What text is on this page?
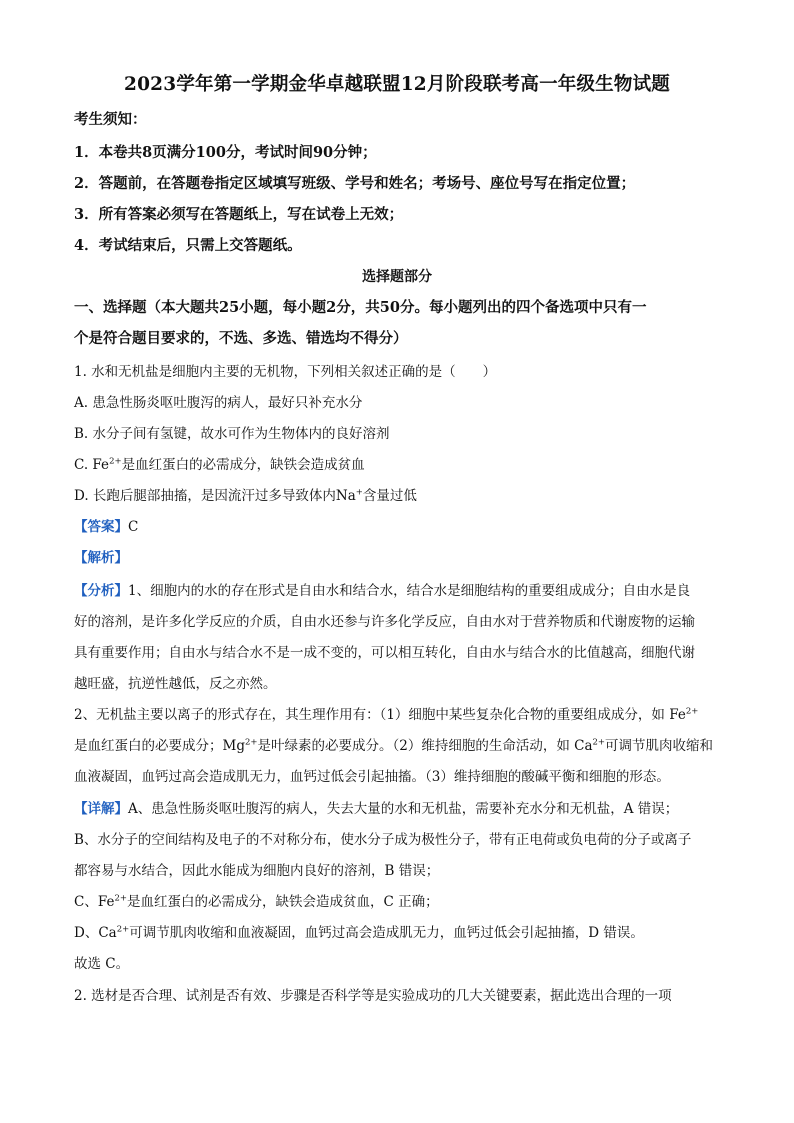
2023学年第一学期金华卓越联盟12月阶段联考高一年级生物试题
考生须知：
1．本卷共8页满分100分，考试时间90分钟；
2．答题前，在答题卷指定区域填写班级、学号和姓名；考场号、座位号写在指定位置；
3．所有答案必须写在答题纸上，写在试卷上无效；
4．考试结束后，只需上交答题纸。
选择题部分
一、选择题（本大题共25小题，每小题2分，共50分。每小题列出的四个备选项中只有一
个是符合题目要求的，不选、多选、错选均不得分）
1. 水和无机盐是细胞内主要的无机物，下列相关叙述正确的是（　　）
A. 患急性肠炎呕吐腹泻的病人，最好只补充水分
B. 水分子间有氢键，故水可作为生物体内的良好溶剂
C. $Fe^{2+}$是血红蛋白的必需成分，缺铁会造成贫血
D. 长跑后腿部抽搐，是因流汗过多导致体内Na+含量过低
【答案】C
【解析】
【分析】1、细胞内的水的存在形式是自由水和结合水，结合水是细胞结构的重要组成成分；自由水是良
好的溶剂，是许多化学反应的介质，自由水还参与许多化学反应，自由水对于营养物质和代谢废物的运输
具有重要作用；自由水与结合水不是一成不变的，可以相互转化，自由水与结合水的比值越高，细胞代谢
越旺盛，抗逆性越低，反之亦然。
2、无机盐主要以离子的形式存在，其生理作用有：（1）细胞中某些复杂化合物的重要组成成分，如 $Fe^{2+}$
是血红蛋白的必要成分；$Mg^{2+}$是叶绿素的必要成分。（2）维持细胞的生命活动，如 $Ca^{2+}$可调节肌肉收缩和
血液凝固，血钙过高会造成肌无力，血钙过低会引起抽搐。（3）维持细胞的酸碱平衡和细胞的形态。
【详解】A、患急性肠炎呕吐腹泻的病人，失去大量的水和无机盐，需要补充水分和无机盐，A 错误；
B、水分子的空间结构及电子的不对称分布，使水分子成为极性分子，带有正电荷或负电荷的分子或离子
都容易与水结合，因此水能成为细胞内良好的溶剂，B 错误；
C、$Fe^{2+}$是血红蛋白的必需成分，缺铁会造成贫血，C 正确；
D、$Ca^{2+}$可调节肌肉收缩和血液凝固，血钙过高会造成肌无力，血钙过低会引起抽搐，D 错误。
故选 C。
2. 选材是否合理、试剂是否有效、步骤是否科学等是实验成功的几大关键要素，据此选出合理的一项
